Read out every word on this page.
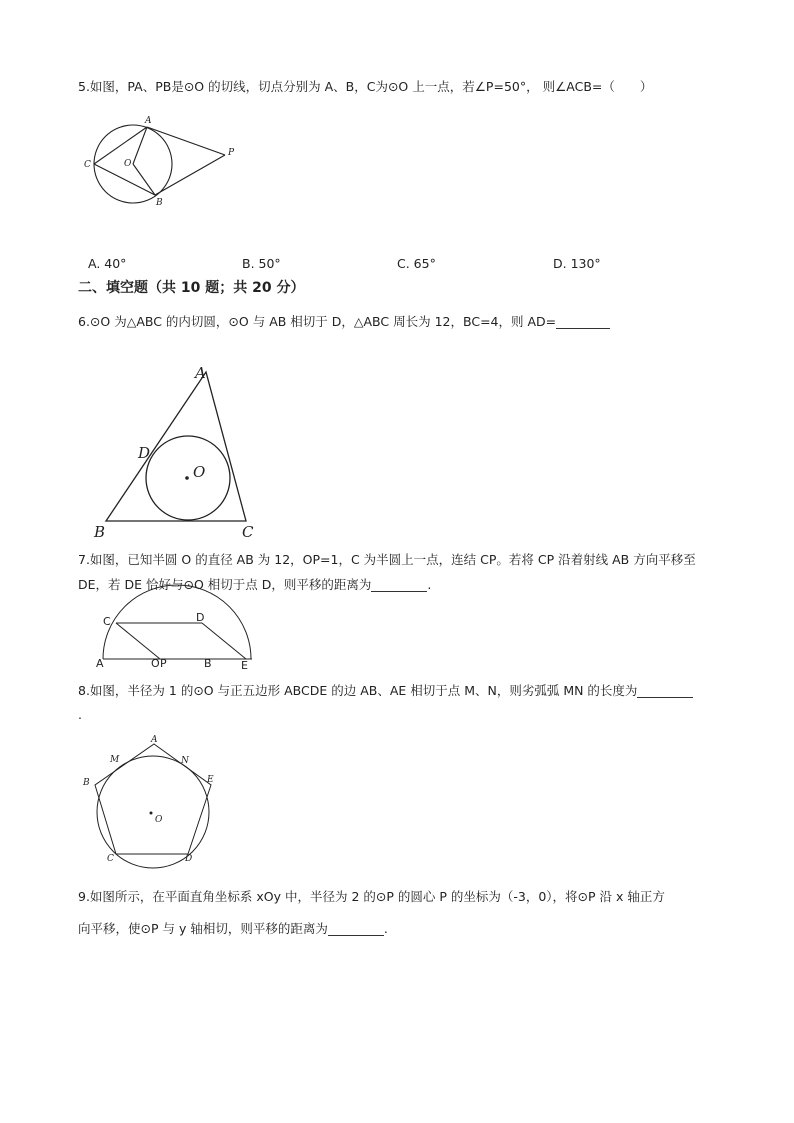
5.如图，PA、PB是⊙O 的切线，切点分别为 A、B，C为⊙O 上一点，若∠P=50°， 则∠ACB=（　　）
A
B
C	O
P
A. 40°	B. 50°	C. 65°	D. 130°
二、填空题（共 10 题；共 20 分）
6.⊙O 为△ABC 的内切圆，⊙O 与 AB 相切于 D，△ABC 周长为 12，BC=4，则 AD=
A
B	C
D
O
7.如图，已知半圆 O 的直径 AB 为 12，OP=1，C 为半圆上一点，连结 CP。若将 CP 沿着射线 AB 方向平移至
DE，若 DE 恰好与⊙O 相切于点 D，则平移的距离为	.
A	B
C	D
E
O P
8.如图，半径为 1 的⊙O 与正五边形 ABCDE 的边 AB、AE 相切于点 M、N，则劣弧弧 MN 的长度为
.
A
B
C	D
E
M	N
O
9.如图所示，在平面直角坐标系 xOy 中，半径为 2 的⊙P 的圆心 P 的坐标为（-3，0），将⊙P 沿 x 轴正方
向平移，使⊙P 与 y 轴相切，则平移的距离为	.
